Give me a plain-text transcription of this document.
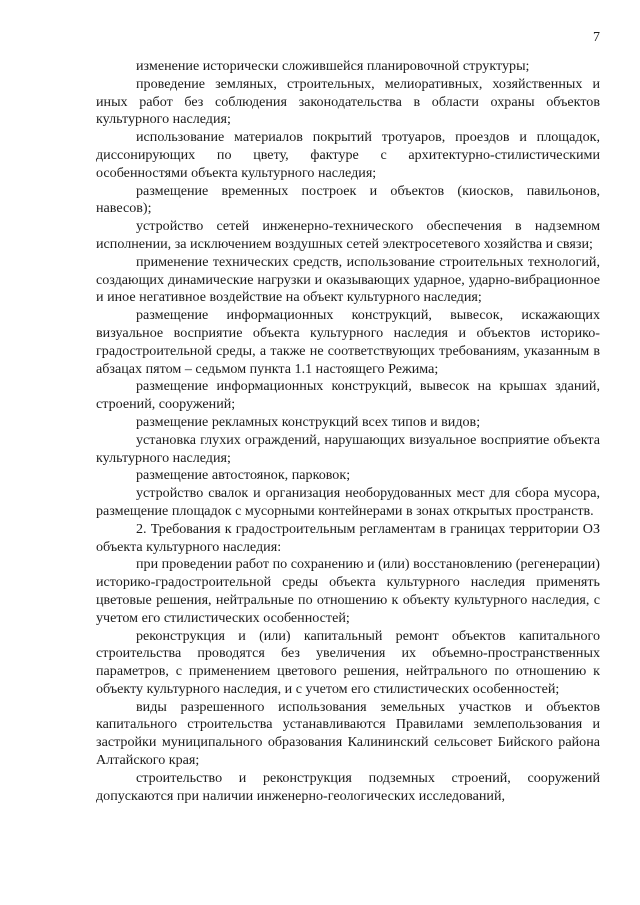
7

изменение исторически сложившейся планировочной структуры;

проведение земляных, строительных, мелиоративных, хозяйственных и иных работ без соблюдения законодательства в области охраны объектов культурного наследия;

использование материалов покрытий тротуаров, проездов и площадок, диссонирующих по цвету, фактуре с архитектурно-стилистическими особенностями объекта культурного наследия;

размещение временных построек и объектов (киосков, павильонов, навесов);

устройство сетей инженерно-технического обеспечения в надземном исполнении, за исключением воздушных сетей электросетевого хозяйства и связи;

применение технических средств, использование строительных технологий, создающих динамические нагрузки и оказывающих ударное, ударно-вибрационное и иное негативное воздействие на объект культурного наследия;

размещение информационных конструкций, вывесок, искажающих визуальное восприятие объекта культурного наследия и объектов историко-градостроительной среды, а также не соответствующих требованиям, указанным в абзацах пятом – седьмом пункта 1.1 настоящего Режима;

размещение информационных конструкций, вывесок на крышах зданий, строений, сооружений;

размещение рекламных конструкций всех типов и видов;

установка глухих ограждений, нарушающих визуальное восприятие объекта культурного наследия;

размещение автостоянок, парковок;

устройство свалок и организация необорудованных мест для сбора мусора, размещение площадок с мусорными контейнерами в зонах открытых пространств.

2. Требования к градостроительным регламентам в границах территории ОЗ объекта культурного наследия:

при проведении работ по сохранению и (или) восстановлению (регенерации) историко-градостроительной среды объекта культурного наследия применять цветовые решения, нейтральные по отношению к объекту культурного наследия, с учетом его стилистических особенностей;

реконструкция и (или) капитальный ремонт объектов капитального строительства проводятся без увеличения их объемно-пространственных параметров, с применением цветового решения, нейтрального по отношению к объекту культурного наследия, и с учетом его стилистических особенностей;

виды разрешенного использования земельных участков и объектов капитального строительства устанавливаются Правилами землепользования и застройки муниципального образования Калининский сельсовет Бийского района Алтайского края;

строительство и реконструкция подземных строений, сооружений допускаются при наличии инженерно-геологических исследований,
